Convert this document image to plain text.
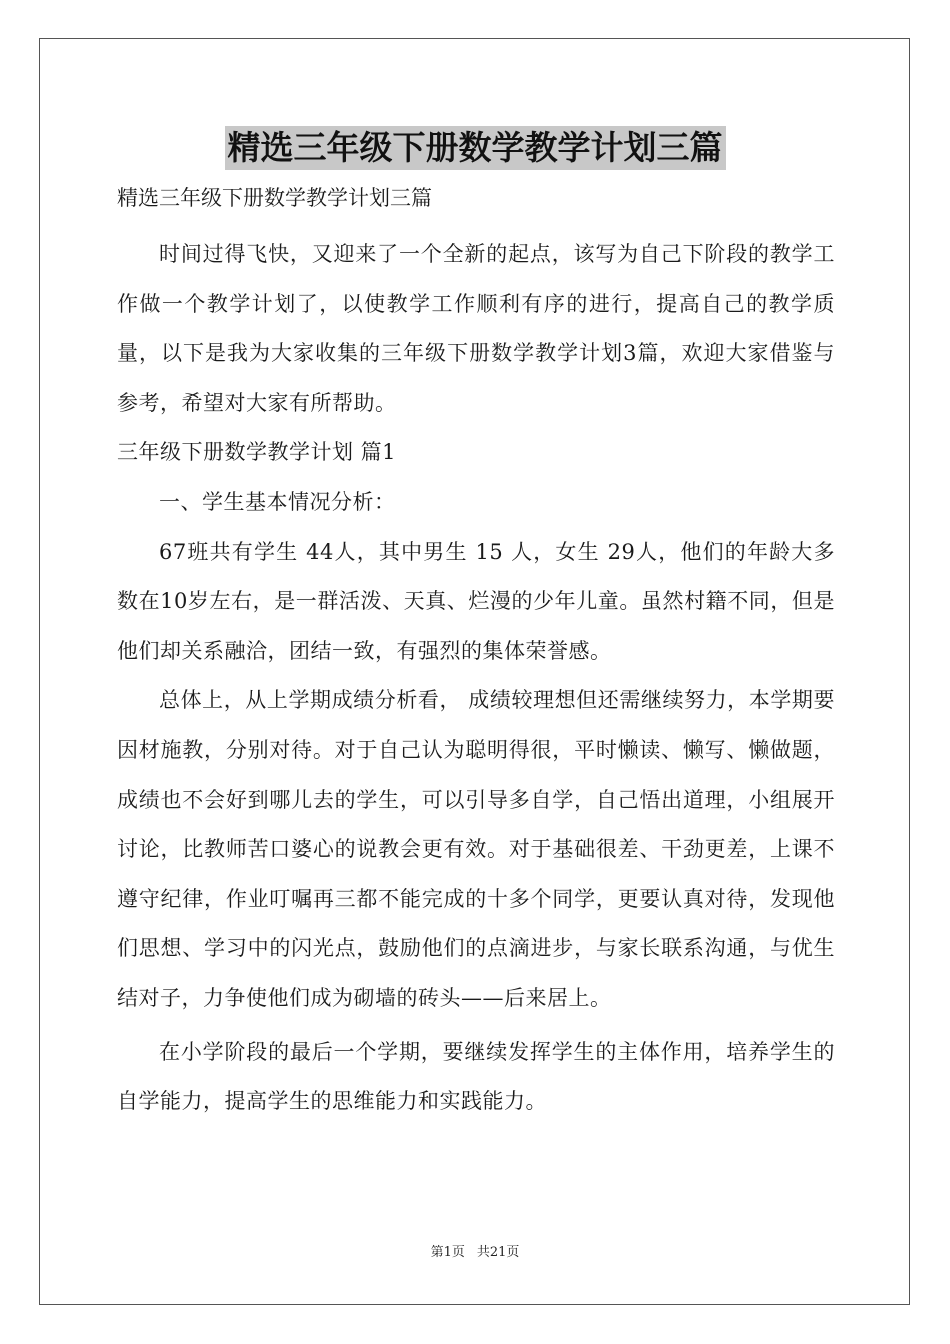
精选三年级下册数学教学计划三篇

精选三年级下册数学教学计划三篇

时间过得飞快，又迎来了一个全新的起点，该写为自己下阶段的教学工作做一个教学计划了，以使教学工作顺利有序的进行，提高自己的教学质量，以下是我为大家收集的三年级下册数学教学计划3篇，欢迎大家借鉴与参考，希望对大家有所帮助。

三年级下册数学教学计划 篇1

一、学生基本情况分析：

67班共有学生 44人，其中男生 15 人，女生 29人，他们的年龄大多数在10岁左右，是一群活泼、天真、烂漫的少年儿童。虽然村籍不同，但是他们却关系融洽，团结一致，有强烈的集体荣誉感。

总体上，从上学期成绩分析看， 成绩较理想但还需继续努力，本学期要因材施教，分别对待。对于自己认为聪明得很，平时懒读、懒写、懒做题，成绩也不会好到哪儿去的学生，可以引导多自学，自己悟出道理，小组展开讨论，比教师苦口婆心的说教会更有效。对于基础很差、干劲更差，上课不遵守纪律，作业叮嘱再三都不能完成的十多个同学，更要认真对待，发现他们思想、学习中的闪光点，鼓励他们的点滴进步，与家长联系沟通，与优生结对子，力争使他们成为砌墙的砖头——后来居上。

在小学阶段的最后一个学期，要继续发挥学生的主体作用，培养学生的自学能力，提高学生的思维能力和实践能力。

第1页 共21页
